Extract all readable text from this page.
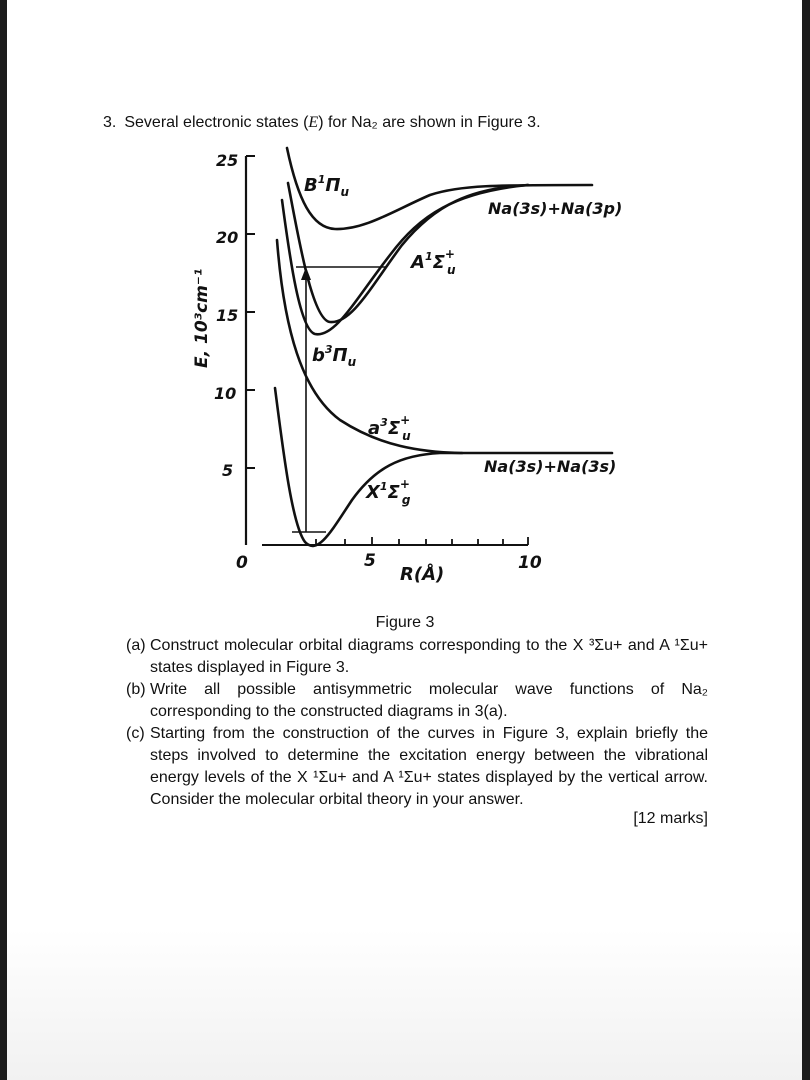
3. Several electronic states (E) for Na₂ are shown in Figure 3.
25
20
15
10
5
0	5	10
E, 10³cm⁻¹
R(Å)
$B^1\Pi_u$
$A^1\Sigma^+$ u
$b^3\Pi_u$
$a^3\Sigma^+$ u
$X^1\Sigma^+$ g
Na(3s)+Na(3p)
Na(3s)+Na(3s)
Figure 3
(a) Construct molecular orbital diagrams corresponding to the X ³Σu+ and A ¹Σu+ states displayed in Figure 3.
(b) Write all possible antisymmetric molecular wave functions of Na₂ corresponding to the constructed diagrams in 3(a).
(c) Starting from the construction of the curves in Figure 3, explain briefly the steps involved to determine the excitation energy between the vibrational energy levels of the X ¹Σu+ and A ¹Σu+ states displayed by the vertical arrow. Consider the molecular orbital theory in your answer.
[12 marks]
